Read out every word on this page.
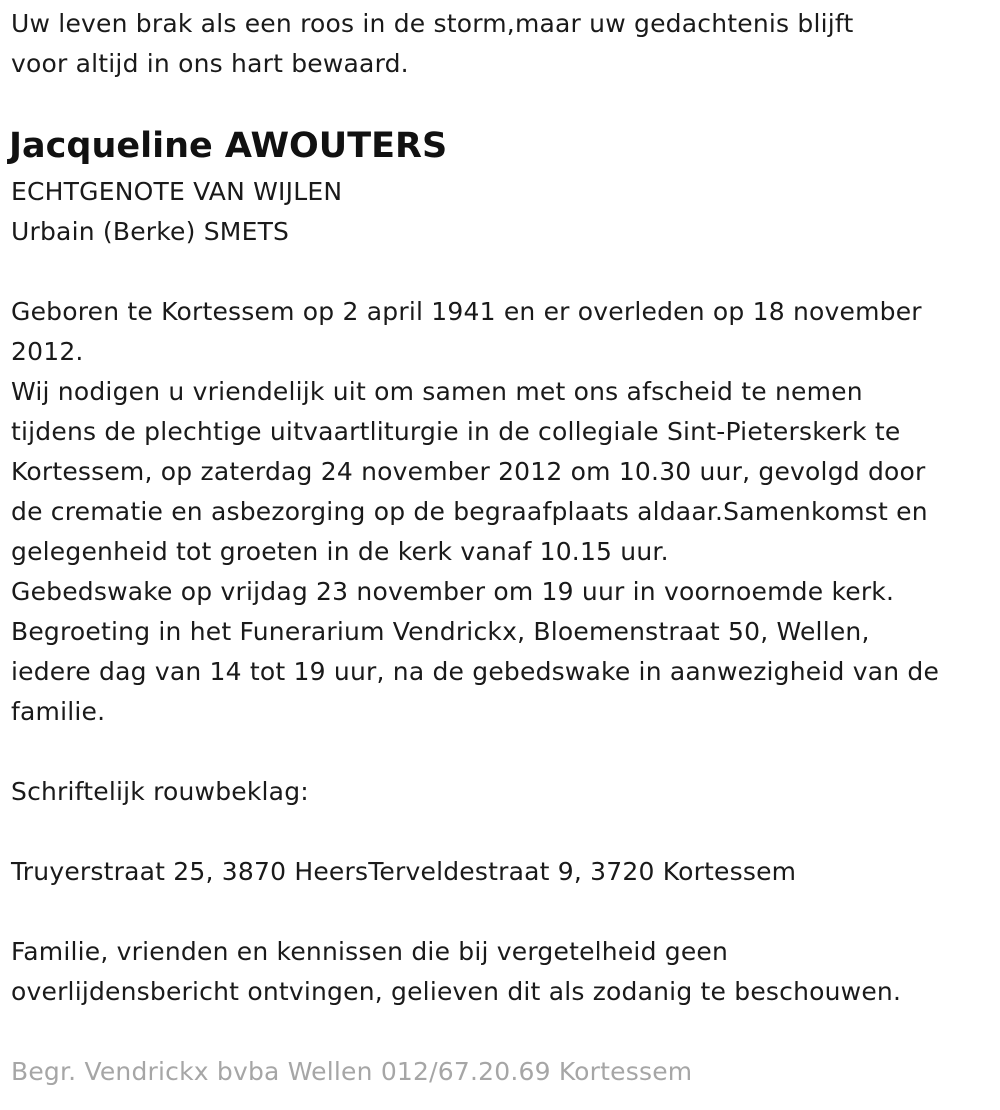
Uw leven brak als een roos in de storm,maar uw gedachtenis blijft
voor altijd in ons hart bewaard.
Jacqueline AWOUTERS
ECHTGENOTE VAN WIJLEN
Urbain (Berke) SMETS
Geboren te Kortessem op 2 april 1941 en er overleden op 18 november
2012.
Wij nodigen u vriendelijk uit om samen met ons afscheid te nemen
tijdens de plechtige uitvaartliturgie in de collegiale Sint-Pieterskerk te
Kortessem, op zaterdag 24 november 2012 om 10.30 uur, gevolgd door
de crematie en asbezorging op de begraafplaats aldaar.Samenkomst en
gelegenheid tot groeten in de kerk vanaf 10.15 uur.
Gebedswake op vrijdag 23 november om 19 uur in voornoemde kerk.
Begroeting in het Funerarium Vendrickx, Bloemenstraat 50, Wellen,
iedere dag van 14 tot 19 uur, na de gebedswake in aanwezigheid van de
familie.
Schriftelijk rouwbeklag:
Truyerstraat 25, 3870 HeersTerveldestraat 9, 3720 Kortessem
Familie, vrienden en kennissen die bij vergetelheid geen
overlijdensbericht ontvingen, gelieven dit als zodanig te beschouwen.
Begr. Vendrickx bvba Wellen 012/67.20.69 Kortessem
